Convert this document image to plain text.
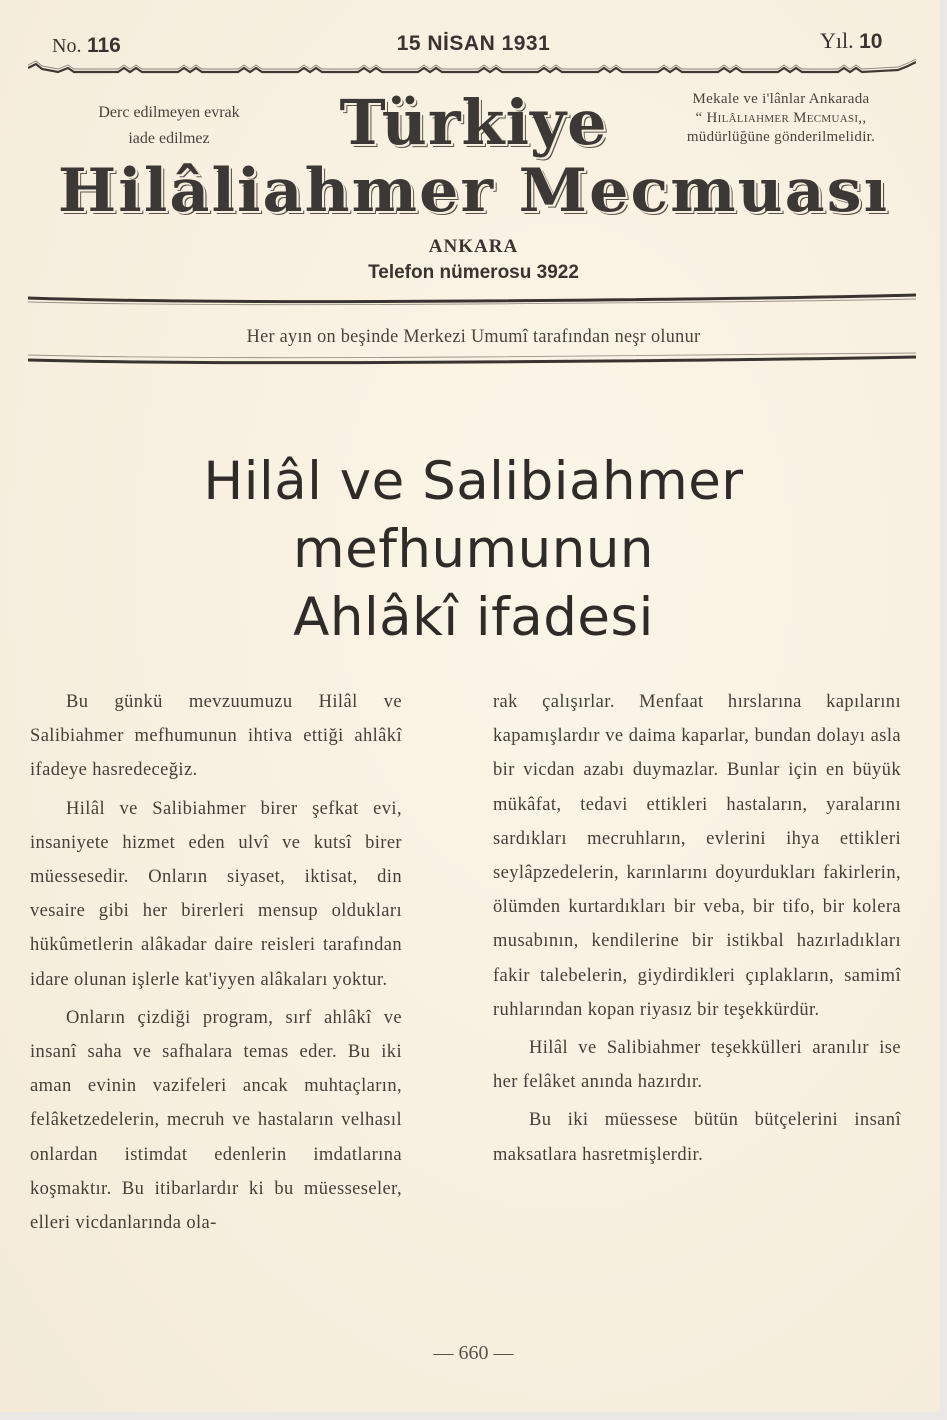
No. 116	15 NİSAN 1931	Yıl. 10
Derc edilmeyen evrak
iade edilmez	Türkiye	Mekale ve i'lânlar Ankarada
“ Hilâliahmer Mecmuası,,
müdürlüğüne gönderilmelidir.
Hilâliahmer Mecmuası
ANKARA
Telefon nümerosu 3922
Her ayın on beşinde Merkezi Umumî tarafından neşr olunur
Hilâl ve Salibiahmer
mefhumunun
Ahlâkî ifadesi

Bu günkü mevzuumuzu Hilâl ve Salibiahmer mefhumunun ihtiva ettiği ahlâkî ifadeye hasredeceğiz.

Hilâl ve Salibiahmer birer şefkat evi, insaniyete hizmet eden ulvî ve kutsî birer müessesedir. Onların siyaset, iktisat, din vesaire gibi her birerleri mensup oldukları hükûmetlerin alâkadar daire reisleri tarafından idare olunan işlerle kat'iyyen alâkaları yoktur.

Onların çizdiği program, sırf ahlâkî ve insanî saha ve safhalara temas eder. Bu iki aman evinin vazifeleri ancak muhtaçların, felâketzedelerin, mecruh ve hastaların velhasıl onlardan istimdat edenlerin imdatlarına koşmaktır. Bu itibarlardır ki bu müesseseler, elleri vicdanlarında ola-

rak çalışırlar. Menfaat hırslarına kapılarını kapamışlardır ve daima kaparlar, bundan dolayı asla bir vicdan azabı duymazlar. Bunlar için en büyük mükâfat, tedavi ettikleri hastaların, yaralarını sardıkları mecruhların, evlerini ihya ettikleri seylâpzedelerin, karınlarını doyurdukları fakirlerin, ölümden kurtardıkları bir veba, bir tifo, bir kolera musabının, kendilerine bir istikbal hazırladıkları fakir talebelerin, giydirdikleri çıplakların, samimî ruhlarından kopan riyasız bir teşekkürdür.

Hilâl ve Salibiahmer teşekkülleri aranılır ise her felâket anında hazırdır.

Bu iki müessese bütün bütçelerini insanî maksatlara hasretmişlerdir.

— 660 —
